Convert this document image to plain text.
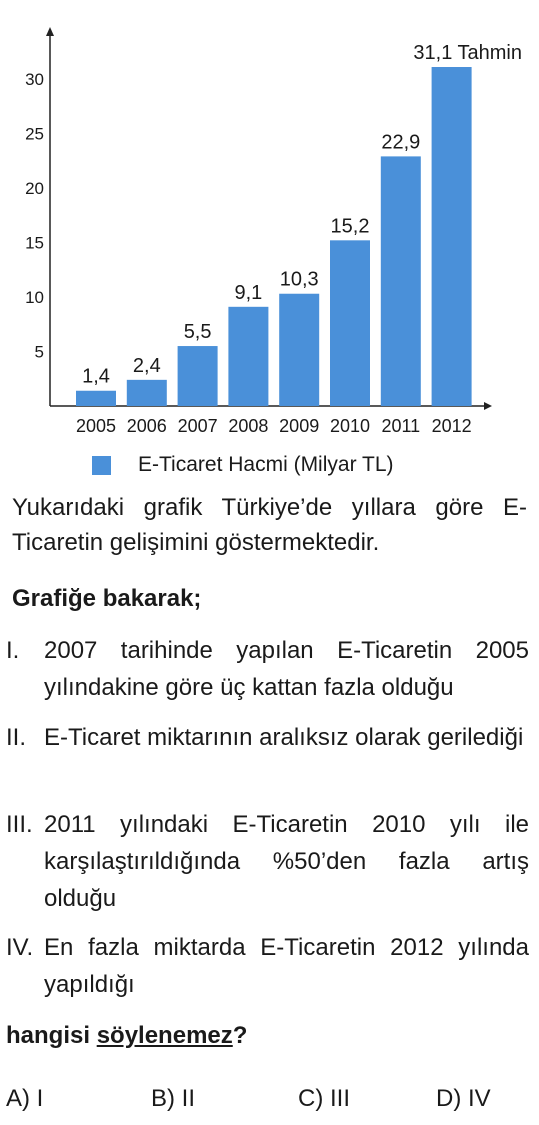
5
10
15
20
25
30
1,4
2005
2,4
2006
5,5
2007
9,1
2008
10,3
2009
15,2
2010
22,9
2011
31,1 Tahmin
2012
E-Ticaret Hacmi (Milyar TL)
Yukarıdaki grafik Türkiye’de yıllara göre E-Ticaretin gelişimini göstermektedir.
Grafiğe bakarak;
I.	2007 tarihinde yapılan E-Ticaretin 2005 yılındakine göre üç kattan fazla olduğu
II. E-Ticaret miktarının aralıksız olarak gerilediği
III. 2011 yılındaki E-Ticaretin 2010 yılı ile karşılaştırıldığında %50’den fazla artış olduğu
IV. En fazla miktarda E-Ticaretin 2012 yılında yapıldığı
hangisi söylenemez?
A) I	B) II	C) III	D) IV
